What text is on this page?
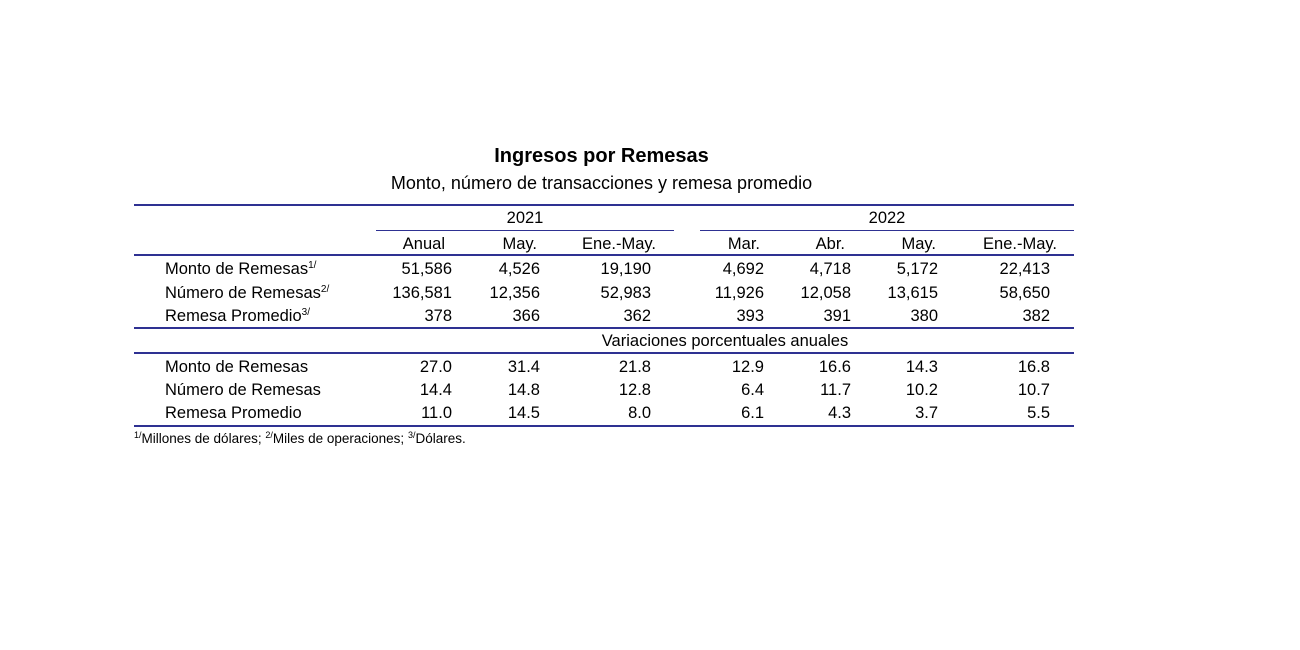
Ingresos por Remesas
Monto, número de transacciones y remesa promedio
2021	2022
Anual	May.	Ene.-May.	Mar.	Abr.	May.	Ene.-May.
Monto de Remesas$^{1/}$	51,586	4,526	19,190	4,692	4,718	5,172	22,413
Número de Remesas$^{2/}$	136,581	12,356	52,983	11,926	12,058	13,615	58,650
Remesa Promedio$^{3/}$	378	366	362	393	391	380	382
Variaciones porcentuales anuales
Monto de Remesas	27.0	31.4	21.8	12.9	16.6	14.3	16.8
Número de Remesas	14.4	14.8	12.8	6.4	11.7	10.2	10.7
Remesa Promedio	11.0	14.5	8.0	6.1	4.3	3.7	5.5
$^{1/}$Millones de dólares; $^{2/}$Miles de operaciones; $^{3/}$Dólares.
